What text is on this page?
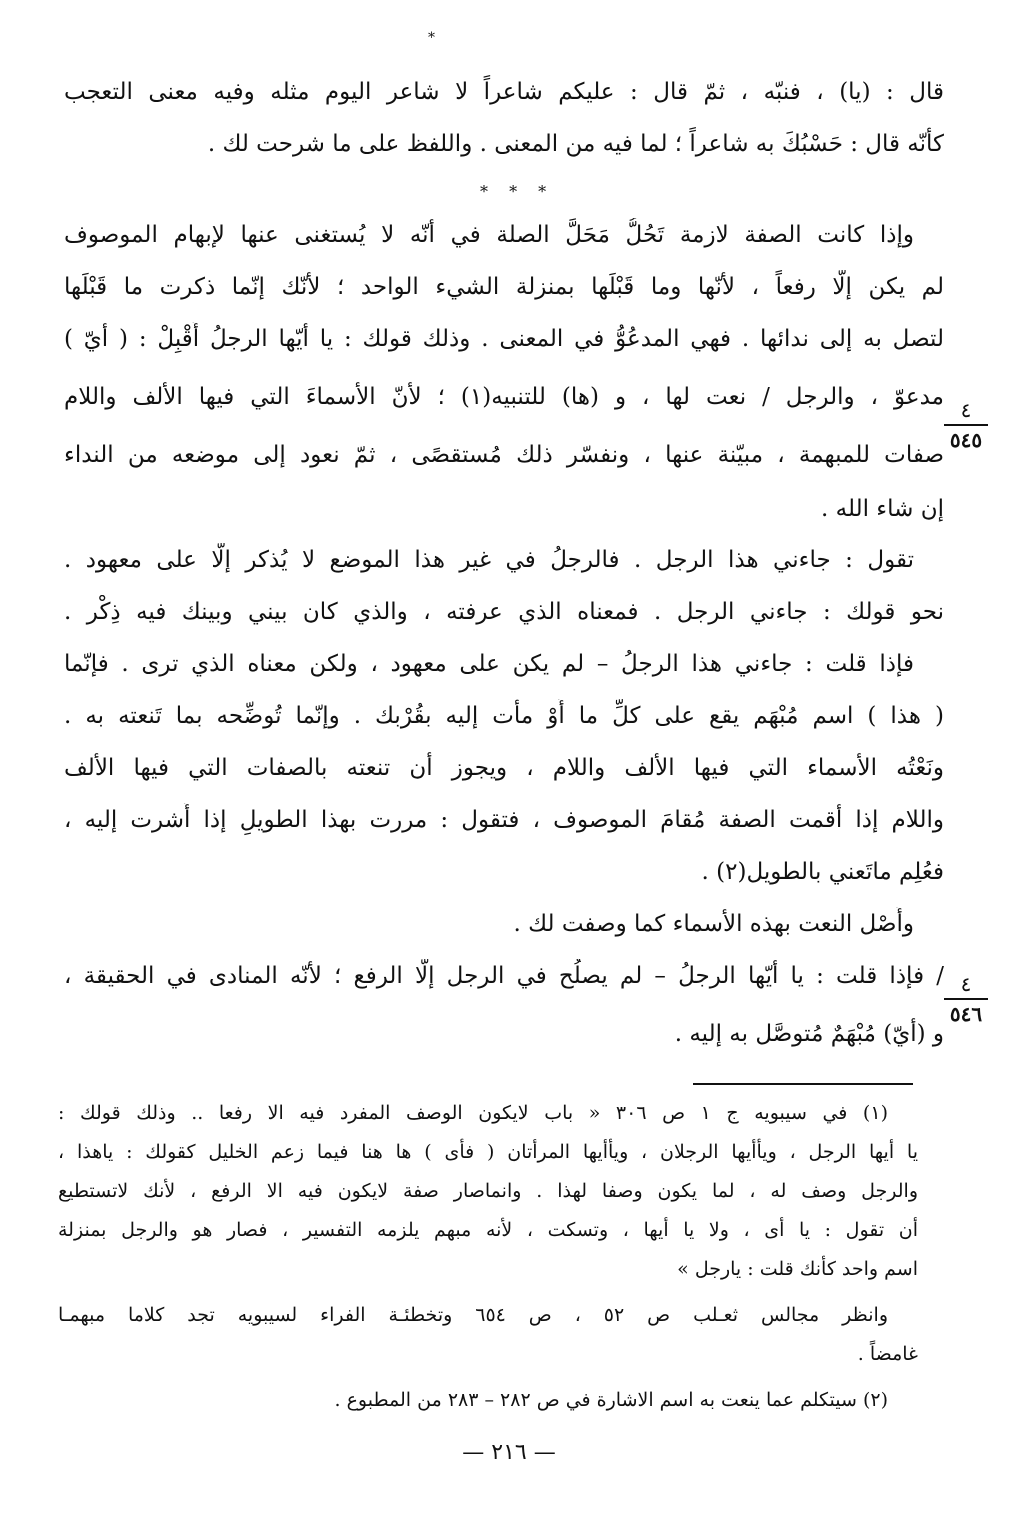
*
قال : (يا) ، فنبّه ، ثمّ قال : عليكم شاعراً لا شاعر اليوم مثله وفيه معنى التعجب
كأنّه قال : حَسْبُكَ به شاعراً ؛ لما فيه من المعنى . واللفظ على ما شرحت لك .
* * *
وإذا كانت الصفة لازمة تَحُلُّ مَحَلَّ الصلة في أنّه لا يُستغنى عنها لإبهام الموصوف
لم يكن إلّا رفعاً ، لأنّها وما قَبْلَها بمنزلة الشيء الواحد ؛ لأنّك إنّما ذكرت ما قَبْلَها
لتصل به إلى ندائها . فهي المدعُوُّ في المعنى . وذلك قولك : يا أيّها الرجلُ أَقْبِلْ : ( أيّ )
مدعوّ ، والرجل / نعت لها ، و (ها) للتنبيه(١) ؛ لأنّ الأسماءَ التي فيها الألف واللام
صفات للمبهمة ، مبيّنة عنها ، ونفسّر ذلك مُستقصًى ، ثمّ نعود إلى موضعه من النداء
إن شاء الله .
تقول : جاءني هذا الرجل . فالرجلُ في غير هذا الموضع لا يُذكر إلّا على معهود .
نحو قولك : جاءني الرجل . فمعناه الذي عرفته ، والذي كان بيني وبينك فيه ذِكْر .
فإذا قلت : جاءني هذا الرجلُ – لم يكن على معهود ، ولكن معناه الذي ترى . فإنّما
( هذا ) اسم مُبْهَم يقع على كلِّ ما أَوْ مأت إليه بقُرْبك . وإنّما تُوضِّحه بما تَنعته به .
ونَعْتُه الأسماء التي فيها الألف واللام ، ويجوز أن تنعته بالصفات التي فيها الألف
واللام إذا أقمت الصفة مُقامَ الموصوف ، فتقول : مررت بهذا الطويلِ إذا أَشرت إليه ،
فعُلِم ماتَعني بالطويل(٢) .
وأَصْل النعت بهذه الأسماء كما وصفت لك .
/ فإذا قلت : يا أيّها الرجلُ – لم يصلُح في الرجل إلّا الرفع ؛ لأنّه المنادى في الحقيقة ،
و (أيّ) مُبْهَمٌ مُتوصَّل به إليه .
٤
٥٤٥
٤
٥٤٦
(١) في سيبويه ج ١ ص ٣٠٦ « باب لايكون الوصف المفرد فيه الا رفعا .. وذلك قولك :
يا أيها الرجل ، ويأأيها الرجلان ، ويأأيها المرأتان ( فأى ) ها هنا فيما زعم الخليل كقولك : ياهذا ،
والرجل وصف له ، لما يكون وصفا لهذا . وانماصار صفة لايكون فيه الا الرفع ، لأنك لاتستطيع
أن تقول : يا أى ، ولا يا أيها ، وتسكت ، لأنه مبهم يلزمه التفسير ، فصار هو والرجل بمنزلة
اسم واحد كأنك قلت : يارجل »
وانظر مجالس ثعـلب ص ٥٢ ، ص ٦٥٤ وتخطئـة الفراء لسيبويه تجد كلاما مبهمـا
غامضاً .
(٢) سيتكلم عما ينعت به اسم الاشارة في ص ٢٨٢ – ٢٨٣ من المطبوع .
— ٢١٦ —
